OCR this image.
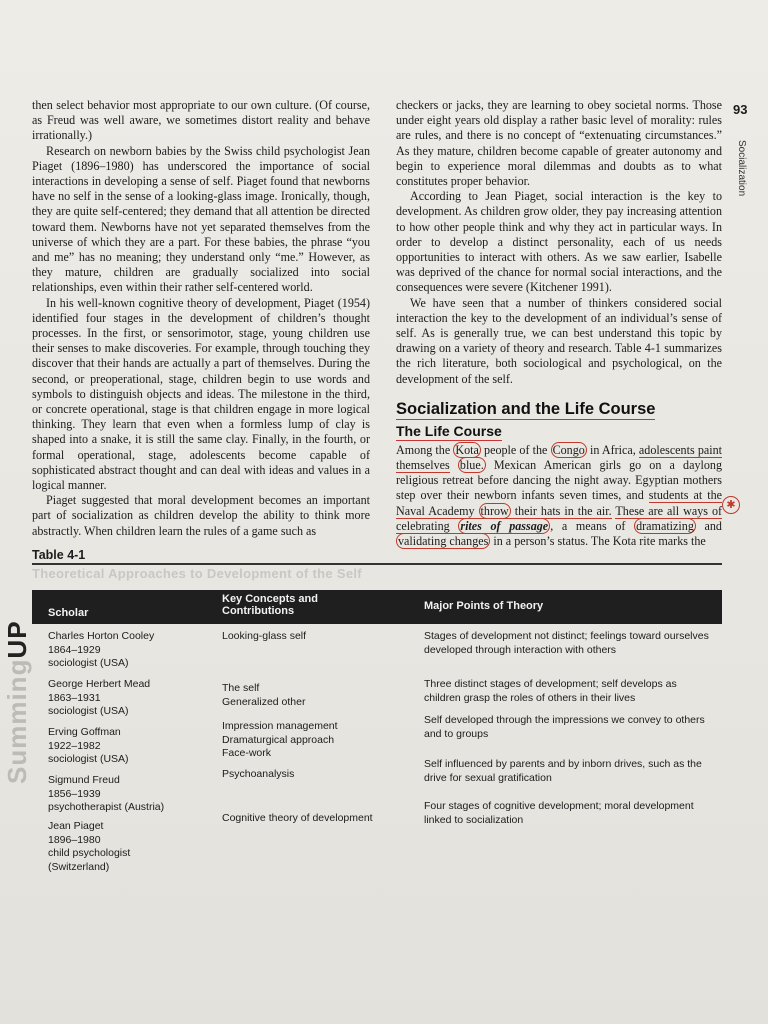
93
Socialization

then select behavior most appropriate to our own culture. (Of course, as Freud was well aware, we sometimes distort reality and behave irrationally.)

Research on newborn babies by the Swiss child psychologist Jean Piaget (1896–1980) has underscored the importance of social interactions in developing a sense of self. Piaget found that newborns have no self in the sense of a looking-glass image. Ironically, though, they are quite self-centered; they demand that all attention be directed toward them. Newborns have not yet separated themselves from the universe of which they are a part. For these babies, the phrase “you and me” has no meaning; they understand only “me.” However, as they mature, children are gradually socialized into social relationships, even within their rather self-centered world.

In his well-known cognitive theory of development, Piaget (1954) identified four stages in the development of children’s thought processes. In the first, or sensorimotor, stage, young children use their senses to make discoveries. For example, through touching they discover that their hands are actually a part of themselves. During the second, or preoperational, stage, children begin to use words and symbols to distinguish objects and ideas. The milestone in the third, or concrete operational, stage is that children engage in more logical thinking. They learn that even when a formless lump of clay is shaped into a snake, it is still the same clay. Finally, in the fourth, or formal operational, stage, adolescents become capable of sophisticated abstract thought and can deal with ideas and values in a logical manner.

Piaget suggested that moral development becomes an important part of socialization as children develop the ability to think more abstractly. When children learn the rules of a game such as

checkers or jacks, they are learning to obey societal norms. Those under eight years old display a rather basic level of morality: rules are rules, and there is no concept of “extenuating circumstances.” As they mature, children become capable of greater autonomy and begin to experience moral dilemmas and doubts as to what constitutes proper behavior.

According to Jean Piaget, social interaction is the key to development. As children grow older, they pay increasing attention to how other people think and why they act in particular ways. In order to develop a distinct personality, each of us needs opportunities to interact with others. As we saw earlier, Isabelle was deprived of the chance for normal social interactions, and the consequences were severe (Kitchener 1991).

We have seen that a number of thinkers considered social interaction the key to the development of an individual’s sense of self. As is generally true, we can best understand this topic by drawing on a variety of theory and research. Table 4-1 summarizes the rich literature, both sociological and psychological, on the development of the self.

Socialization and the Life Course
The Life Course

Among the Kota people of the Congo in Africa, adolescents paint themselves blue. Mexican American girls go on a daylong religious retreat before dancing the night away. Egyptian mothers step over their newborn infants seven times, and students at the Naval Academy throw their hats in the air. These are all ways of celebrating rites of passage , a means of dramatizing and validating changes in a person’s status. The Kota rite marks the

✱
Table 4-1
Theoretical Approaches to Development of the Self
SummingUP
Scholar
Key Concepts and Contributions	Major Points of Theory
Charles Horton Cooley
1864–1929
sociologist (USA)
Looking-glass self	Stages of development not distinct; feelings toward ourselves developed through interaction with others
George Herbert Mead
1863–1931
sociologist (USA)
The self
Generalized other
Three distinct stages of development; self develops as children grasp the roles of others in their lives
Erving Goffman
1922–1982
sociologist (USA)
Impression management
Dramaturgical approach
Face-work
Self developed through the impressions we convey to others and to groups
Sigmund Freud
1856–1939
psychotherapist (Austria)
Psychoanalysis
Self influenced by parents and by inborn drives, such as the drive for sexual gratification
Jean Piaget
1896–1980
child psychologist
(Switzerland)
Cognitive theory of development
Four stages of cognitive development; moral development linked to socialization
